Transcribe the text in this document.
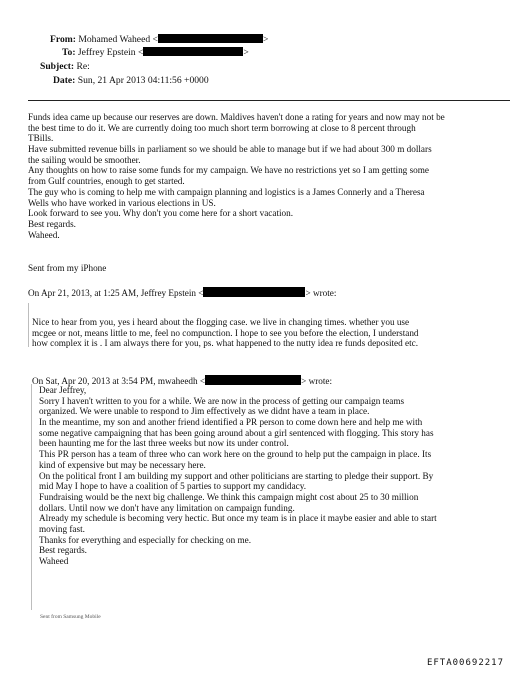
From: Mohamed Waheed <	>
To: Jeffrey Epstein <	>
Subject: Re:
Date: Sun, 21 Apr 2013 04:11:56 +0000
Funds idea came up because our reserves are down. Maldives haven't done a rating for years and now may not be
the best time to do it. We are currently doing too much short term borrowing at close to 8 percent through
TBills.
Have submitted revenue bills in parliament so we should be able to manage but if we had about 300 m dollars
the sailing would be smoother.
Any thoughts on how to raise some funds for my campaign. We have no restrictions yet so I am getting some
from Gulf countries, enough to get started.
The guy who is coming to help me with campaign planning and logistics is a James Connerly and a Theresa
Wells who have worked in various elections in US.
Look forward to see you. Why don't you come here for a short vacation.
Best regards.
Waheed.
Sent from my iPhone
On Apr 21, 2013, at 1:25 AM, Jeffrey Epstein <	> wrote:
Nice to hear from you, yes i heard about the flogging case. we live in changing times. whether you use
mcgee or not, means little to me, feel no compunction. I hope to see you before the election, I understand
how complex it is . I am always there for you, ps. what happened to the nutty idea re funds deposited etc.
On Sat, Apr 20, 2013 at 3:54 PM, mwaheedh <	> wrote:
Dear Jeffrey,
Sorry I haven't written to you for a while. We are now in the process of getting our campaign teams
organized. We were unable to respond to Jim effectively as we didnt have a team in place.
In the meantime, my son and another friend identified a PR person to come down here and help me with
some negative campaigning that has been going around about a girl sentenced with flogging. This story has
been haunting me for the last three weeks but now its under control.
This PR person has a team of three who can work here on the ground to help put the campaign in place. Its
kind of expensive but may be necessary here.
On the political front I am building my support and other politicians are starting to pledge their support. By
mid May I hope to have a coalition of 5 parties to support my candidacy.
Fundraising would be the next big challenge. We think this campaign might cost about 25 to 30 million
dollars. Until now we don't have any limitation on campaign funding.
Already my schedule is becoming very hectic. But once my team is in place it maybe easier and able to start
moving fast.
Thanks for everything and especially for checking on me.
Best regards.
Waheed
Sent from Samsung Mobile
EFTA00692217
